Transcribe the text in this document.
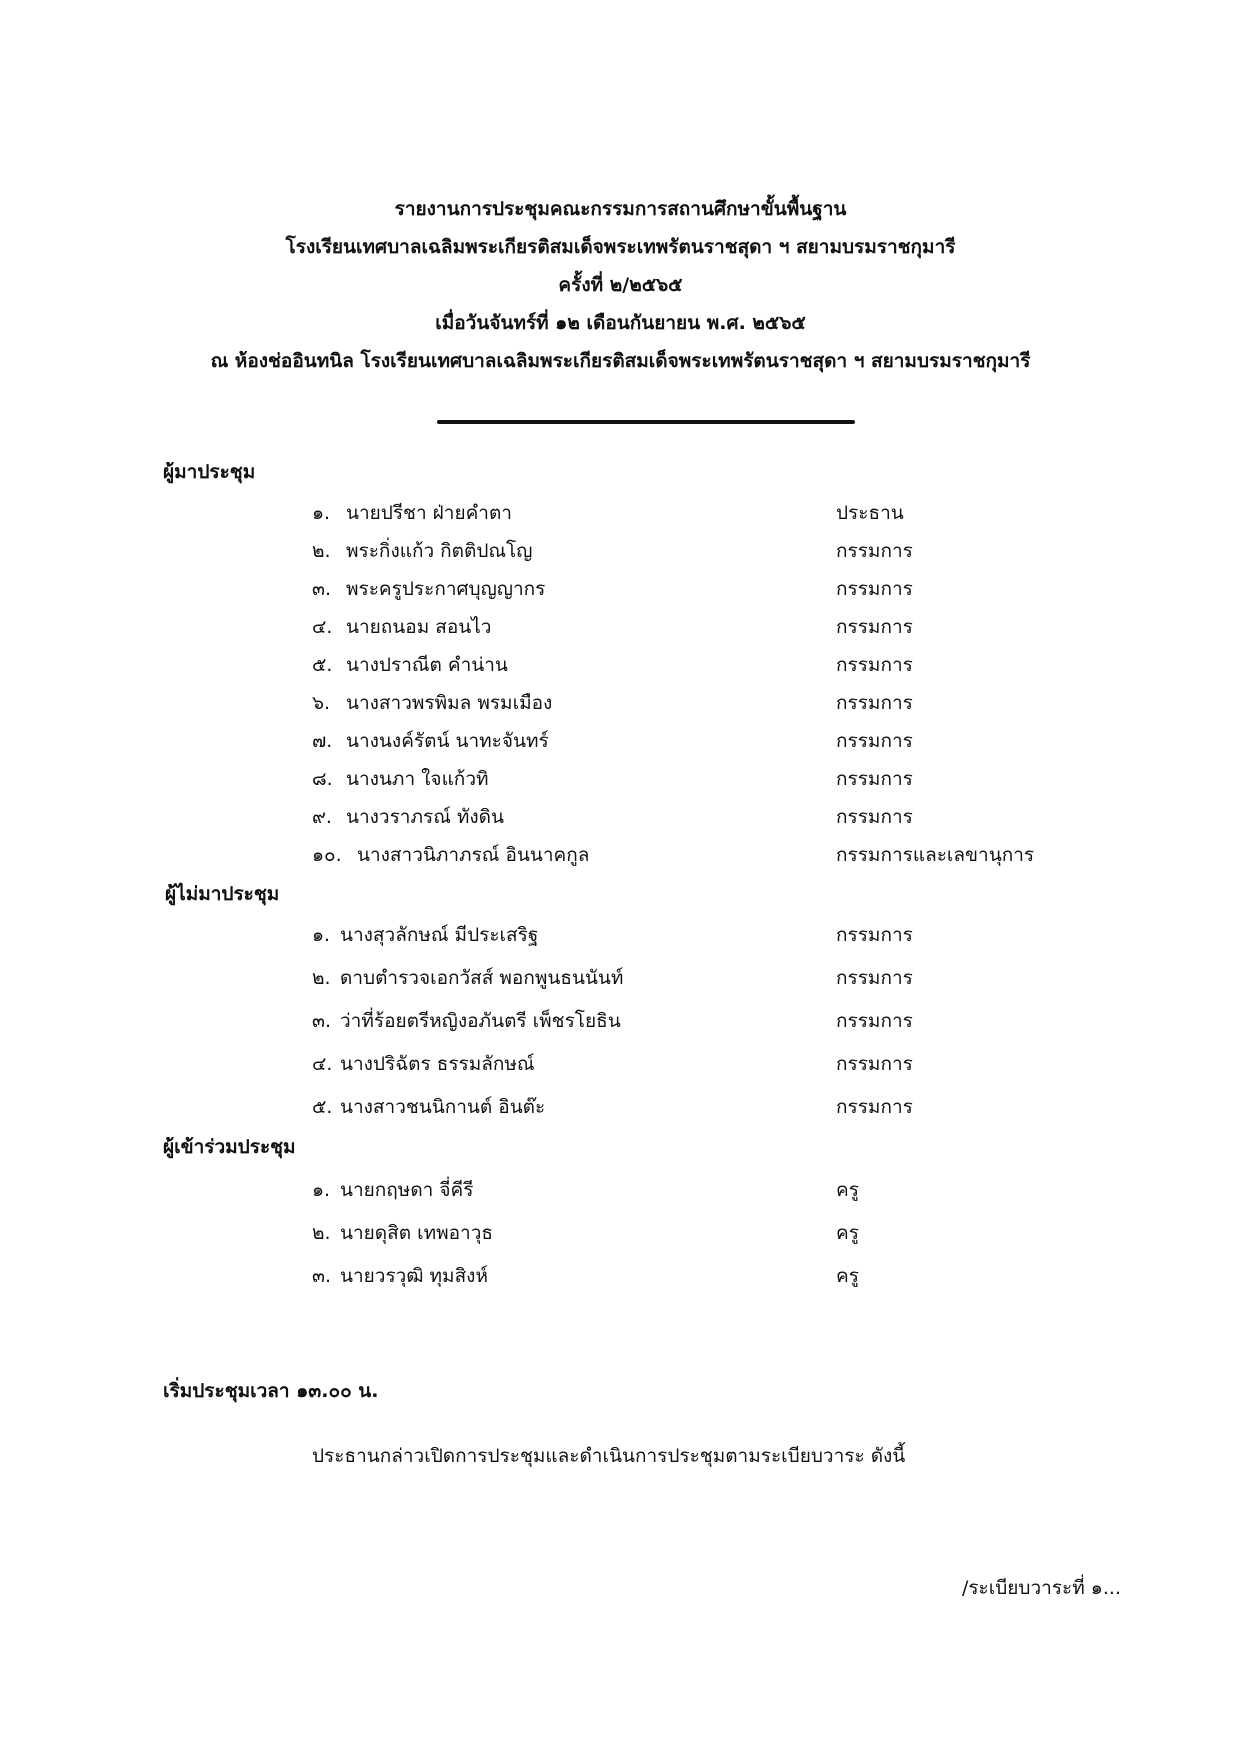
รายงานการประชุมคณะกรรมการสถานศึกษาขั้นพื้นฐาน
โรงเรียนเทศบาลเฉลิมพระเกียรติสมเด็จพระเทพรัตนราชสุดา ฯ สยามบรมราชกุมารี
ครั้งที่ ๒/๒๕๖๕
เมื่อวันจันทร์ที่ ๑๒ เดือนกันยายน พ.ศ. ๒๕๖๕
ณ ห้องช่ออินทนิล โรงเรียนเทศบาลเฉลิมพระเกียรติสมเด็จพระเทพรัตนราชสุดา ฯ สยามบรมราชกุมารี
ผู้มาประชุม
๑. นายปรีชา ฝ่ายคำตา	ประธาน
๒. พระกิ่งแก้ว กิตติปณโญ	กรรมการ
๓. พระครูประกาศบุญญากร	กรรมการ
๔. นายถนอม สอนไว	กรรมการ
๕. นางปราณีต คำน่าน	กรรมการ
๖. นางสาวพรพิมล พรมเมือง	กรรมการ
๗. นางนงค์รัตน์ นาทะจันทร์	กรรมการ
๘. นางนภา ใจแก้วทิ	กรรมการ
๙. นางวราภรณ์ ทังดิน	กรรมการ
๑๐. นางสาวนิภาภรณ์ อินนาคกูล	กรรมการและเลขานุการ
ผู้ไม่มาประชุม
๑. นางสุวลักษณ์ มีประเสริฐ	กรรมการ
๒. ดาบตำรวจเอกวัสส์ พอกพูนธนนันท์	กรรมการ
๓. ว่าที่ร้อยตรีหญิงอภันตรี เพ็ชรโยธิน	กรรมการ
๔. นางปริฉัตร ธรรมลักษณ์	กรรมการ
๕. นางสาวชนนิกานต์ อินต๊ะ	กรรมการ
ผู้เข้าร่วมประชุม
๑. นายกฤษดา จี่คีรี	ครู
๒. นายดุสิต เทพอาวุธ	ครู
๓. นายวรวุฒิ ทุมสิงห์	ครู
เริ่มประชุมเวลา ๑๓.๐๐ น.
ประธานกล่าวเปิดการประชุมและดำเนินการประชุมตามระเบียบวาระ ดังนี้
/ระเบียบวาระที่ ๑...
